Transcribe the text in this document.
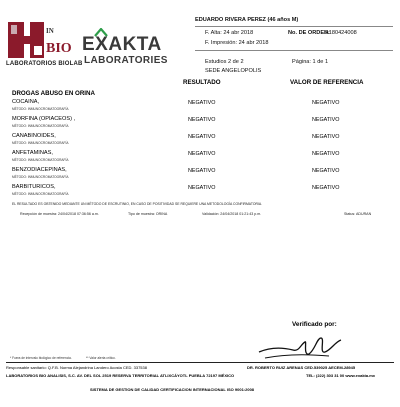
IN
BIO
LABORATORIOS BIOLAB
EXAKTA
LABORATORIES
EDUARDO RIVERA PEREZ (46 años M)
F. Alta: 24 abr 2018	No. DE ORDEN:
A180424008
F. Impresión: 24 abr 2018
Estudios 2 de 2	Página: 1 de 1
SEDE ANGELOPOLIS
RESULTADO	VALOR DE REFERENCIA
DROGAS ABUSO EN ORINA
COCAINA,
MÉTODO: INMUNOCROMATOGRAFÍA
NEGATIVO	NEGATIVO
MORFINA (OPIACEOS) ,
MÉTODO: INMUNOCROMATOGRAFÍA
NEGATIVO	NEGATIVO
CANABINOIDES,
MÉTODO: INMUNOCROMATOGRAFÍA
NEGATIVO	NEGATIVO
ANFETAMINAS,
MÉTODO: INMUNOCROMATOGRAFÍA
NEGATIVO	NEGATIVO
BENZODIACEPINAS,
MÉTODO: INMUNOCROMATOGRAFÍA
NEGATIVO	NEGATIVO
BARBITURICOS,
MÉTODO: INMUNOCROMATOGRAFÍA
NEGATIVO	NEGATIVO
EL RESULTADO ES OBTENIDO MEDIANTE UN MÉTODO DE ESCRUTINIO, EN CASO DE POSITIVIDAD SE REQUIERE UNA METODOLOGÍA CONFIRMATORIA.
Recepción de muestra: 24/04/2018 07:36:56 a.m.	Tipo de muestra: ORINA	Validación: 24/04/2018 01:21:43 p.m.	Status: ADURAN
Verificado por:
* Fuera de intervalo biológico de referencia.	** Valor alerta crítico.
Responsable sanitario: Q.F.B. Norma Alejandrina Landero Acosta CED. 337538	DR. ROBERTO RUIZ ARENAS CED.539025 AECEM-28945
LABORATORIOS BIO ANALISIS, S.C. AV. DEL SOL 2519 RESERVA TERRITORIAL ATLIXCÁYOTL PUEBLA 72197 MÉXICO	TEL: (222) 303 31 00 www.exakta.mx
SISTEMA DE GESTION DE CALIDAD CERTIFICACION INTERNACIONAL ISO 9001:2008
